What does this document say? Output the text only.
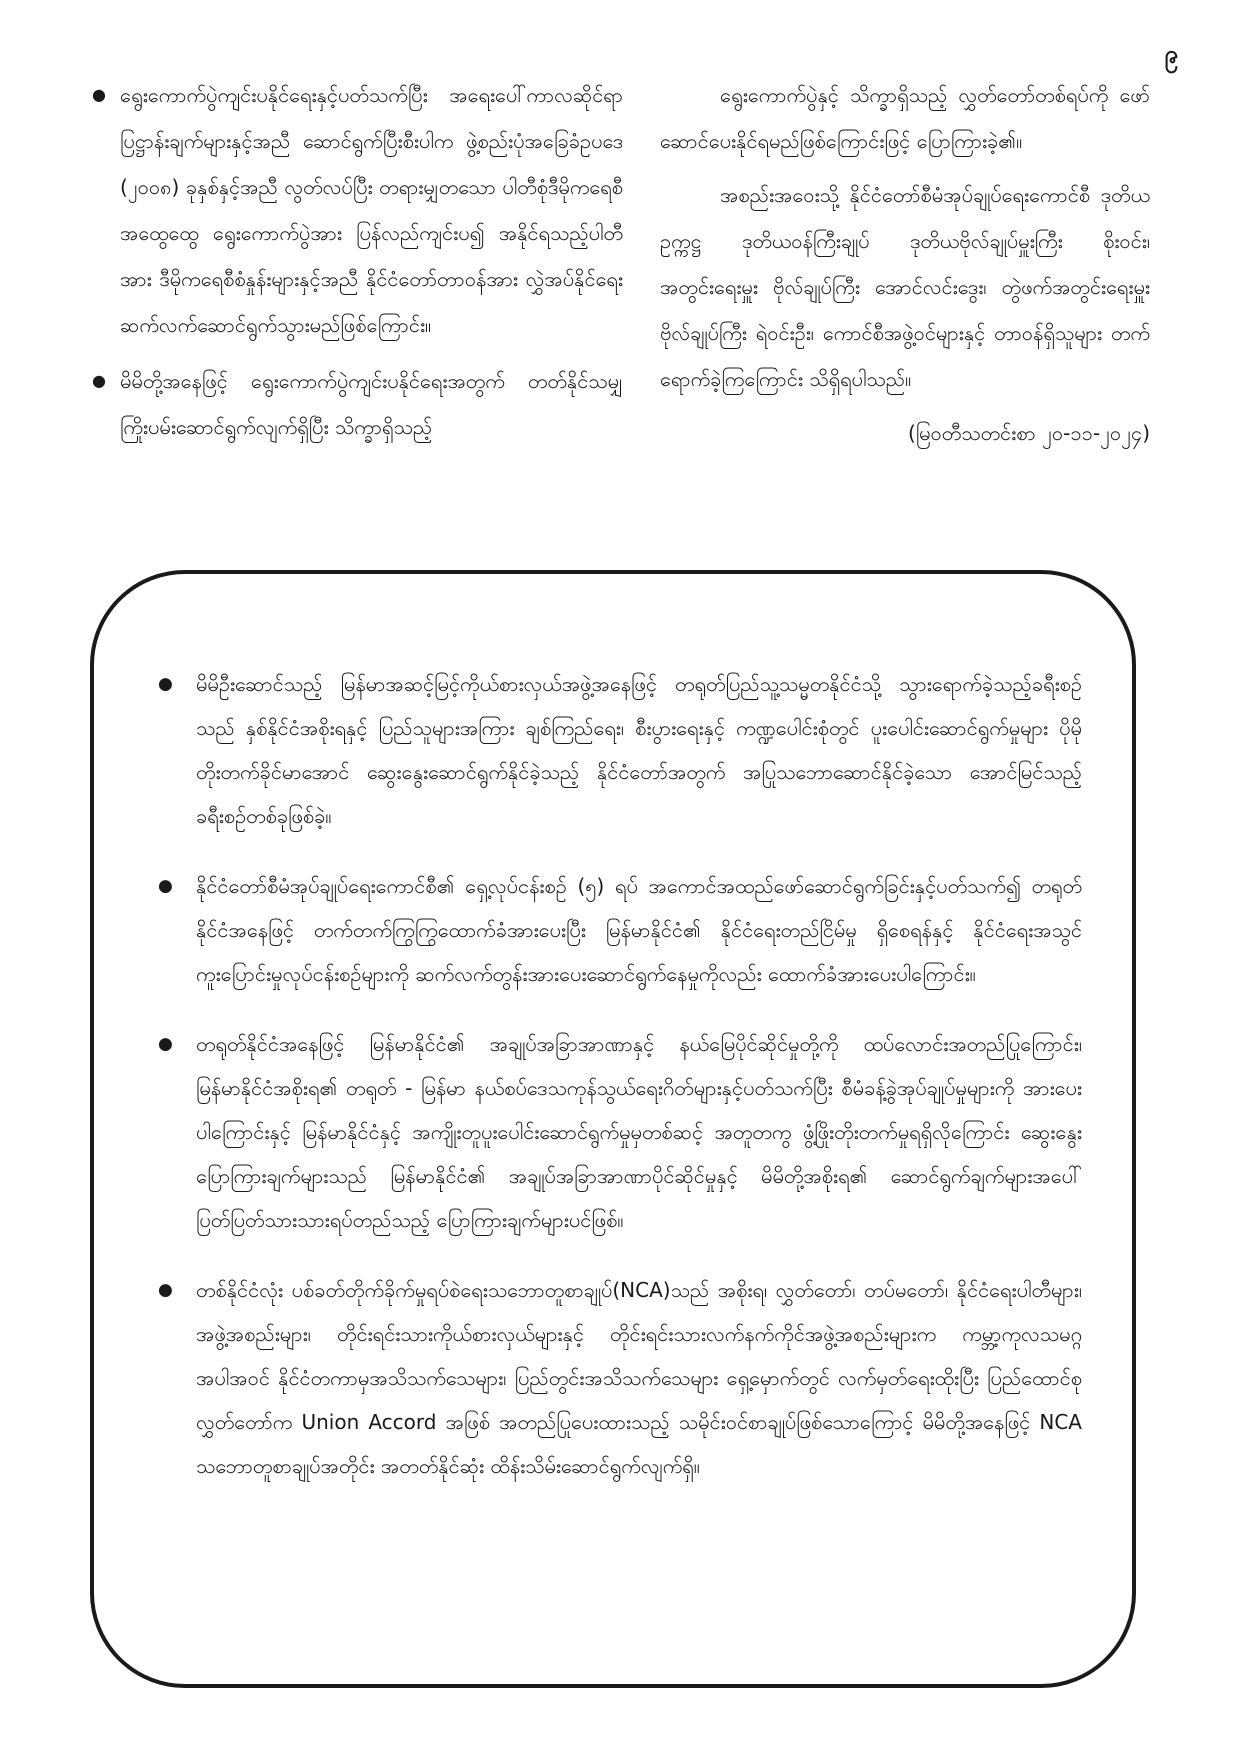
၉
● ရွေးကောက်ပွဲကျင်းပနိုင်ရေးနှင့်ပတ်သက်ပြီး အရေးပေါ်ကာလဆိုင်ရာ ပြဋ္ဌာန်းချက်များနှင့်အညီ ဆောင်ရွက်ပြီးစီးပါက ဖွဲ့စည်းပုံအခြေခံဥပဒေ (၂၀၀၈) ခုနှစ်နှင့်အညီ လွတ်လပ်ပြီး တရားမျှတသော ပါတီစုံဒီမိုကရေစီအထွေထွေ ရွေးကောက်ပွဲအား ပြန်လည်ကျင်းပ၍ အနိုင်ရသည့်ပါတီအား ဒီမိုကရေစီစံနှုန်းများနှင့်အညီ နိုင်ငံတော်တာဝန်အား လွှဲအပ်နိုင်ရေး ဆက်လက်ဆောင်ရွက်သွားမည်ဖြစ်ကြောင်း။
● မိမိတို့အနေဖြင့် ရွေးကောက်ပွဲကျင်းပနိုင်ရေးအတွက် တတ်နိုင်သမျှ ကြိုးပမ်းဆောင်ရွက်လျက်ရှိပြီး သိက္ခာရှိသည့်

ရွေးကောက်ပွဲနှင့် သိက္ခာရှိသည့် လွှတ်တော်တစ်ရပ်ကို ဖော်ဆောင်ပေးနိုင်ရမည်ဖြစ်ကြောင်းဖြင့် ပြောကြားခဲ့၏။

အစည်းအဝေးသို့ နိုင်ငံတော်စီမံအုပ်ချုပ်ရေးကောင်စီ ဒုတိယဥက္ကဋ္ဌ ဒုတိယဝန်ကြီးချုပ် ဒုတိယဗိုလ်ချုပ်မှူးကြီး စိုးဝင်း၊ အတွင်းရေးမှူး ဗိုလ်ချုပ်ကြီး အောင်လင်းဒွေး၊ တွဲဖက်အတွင်းရေးမှူး ဗိုလ်ချုပ်ကြီး ရဲဝင်းဦး၊ ကောင်စီအဖွဲ့ဝင်များနှင့် တာဝန်ရှိသူများ တက်ရောက်ခဲ့ကြကြောင်း သိရှိရပါသည်။

(မြဝတီသတင်းစာ ၂၀-၁၁-၂၀၂၄)

● မိမိဦးဆောင်သည့် မြန်မာအဆင့်မြင့်ကိုယ်စားလှယ်အဖွဲ့အနေဖြင့် တရုတ်ပြည်သူ့သမ္မတနိုင်ငံသို့ သွားရောက်ခဲ့သည့်ခရီးစဉ်သည် နှစ်နိုင်ငံအစိုးရနှင့် ပြည်သူများအကြား ချစ်ကြည်ရေး၊ စီးပွားရေးနှင့် ကဏ္ဍပေါင်းစုံတွင် ပူးပေါင်းဆောင်ရွက်မှုများ ပိုမိုတိုးတက်ခိုင်မာအောင် ဆွေးနွေးဆောင်ရွက်နိုင်ခဲ့သည့် နိုင်ငံတော်အတွက် အပြုသဘောဆောင်နိုင်ခဲ့သော အောင်မြင်သည့်ခရီးစဉ်တစ်ခုဖြစ်ခဲ့။
● နိုင်ငံတော်စီမံအုပ်ချုပ်ရေးကောင်စီ၏ ရှေ့လုပ်ငန်းစဉ် (၅) ရပ် အကောင်အထည်ဖော်ဆောင်ရွက်ခြင်းနှင့်ပတ်သက်၍ တရုတ်နိုင်ငံအနေဖြင့် တက်တက်ကြွကြွထောက်ခံအားပေးပြီး မြန်မာနိုင်ငံ၏ နိုင်ငံရေးတည်ငြိမ်မှု ရှိစေရန်နှင့် နိုင်ငံရေးအသွင်ကူးပြောင်းမှုလုပ်ငန်းစဉ်များကို ဆက်လက်တွန်းအားပေးဆောင်ရွက်နေမှုကိုလည်း ထောက်ခံအားပေးပါကြောင်း။
● တရုတ်နိုင်ငံအနေဖြင့် မြန်မာနိုင်ငံ၏ အချုပ်အခြာအာဏာနှင့် နယ်မြေပိုင်ဆိုင်မှုတို့ကို ထပ်လောင်းအတည်ပြုကြောင်း၊ မြန်မာနိုင်ငံအစိုးရ၏ တရုတ် - မြန်မာ နယ်စပ်ဒေသကုန်သွယ်ရေးဂိတ်များနှင့်ပတ်သက်ပြီး စီမံခန့်ခွဲအုပ်ချုပ်မှုများကို အားပေးပါကြောင်းနှင့် မြန်မာနိုင်ငံနှင့် အကျိုးတူပူးပေါင်းဆောင်ရွက်မှုမှတစ်ဆင့် အတူတကွ ဖွံ့ဖြိုးတိုးတက်မှုရရှိလိုကြောင်း ဆွေးနွေးပြောကြားချက်များသည် မြန်မာနိုင်ငံ၏ အချုပ်အခြာအာဏာပိုင်ဆိုင်မှုနှင့် မိမိတို့အစိုးရ၏ ဆောင်ရွက်ချက်များအပေါ် ပြတ်ပြတ်သားသားရပ်တည်သည့် ပြောကြားချက်များပင်ဖြစ်။
● တစ်နိုင်ငံလုံး ပစ်ခတ်တိုက်ခိုက်မှုရပ်စဲရေးသဘောတူစာချုပ်(NCA)သည် အစိုးရ၊ လွှတ်တော်၊ တပ်မတော်၊ နိုင်ငံရေးပါတီများ၊ အဖွဲ့အစည်းများ၊ တိုင်းရင်းသားကိုယ်စားလှယ်များနှင့် တိုင်းရင်းသားလက်နက်ကိုင်အဖွဲ့အစည်းများက ကမ္ဘာ့ကုလသမဂ္ဂအပါအဝင် နိုင်ငံတကာမှအသိသက်သေများ၊ ပြည်တွင်းအသိသက်သေများ ရှေ့မှောက်တွင် လက်မှတ်ရေးထိုးပြီး ပြည်ထောင်စုလွှတ်တော်က Union Accord အဖြစ် အတည်ပြုပေးထားသည့် သမိုင်းဝင်စာချုပ်ဖြစ်သောကြောင့် မိမိတို့အနေဖြင့် NCA သဘောတူစာချုပ်အတိုင်း အတတ်နိုင်ဆုံး ထိန်းသိမ်းဆောင်ရွက်လျက်ရှိ။
